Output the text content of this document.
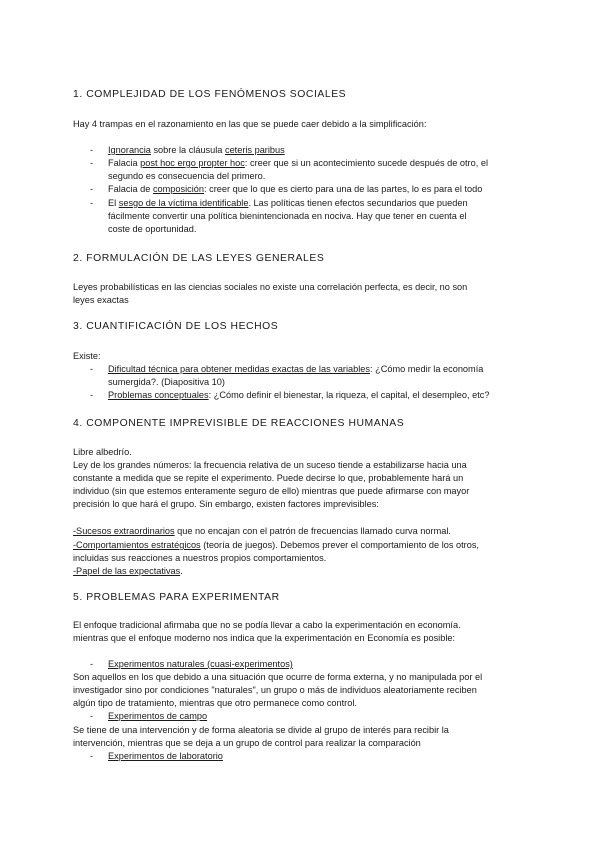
1. COMPLEJIDAD DE LOS FENÓMENOS SOCIALES
Hay 4 trampas en el razonamiento en las que se puede caer debido a la simplificación:
- Ignorancia sobre la cláusula ceteris paribus
- Falacia post hoc ergo propter hoc: creer que si un acontecimiento sucede después de otro, el
segundo es consecuencia del primero.
- Falacia de composición: creer que lo que es cierto para una de las partes, lo es para el todo
- El sesgo de la víctima identificable. Las políticas tienen efectos secundarios que pueden
fácilmente convertir una política bienintencionada en nociva. Hay que tener en cuenta el
coste de oportunidad.
2. FORMULACIÓN DE LAS LEYES GENERALES
Leyes probabilísticas en las ciencias sociales no existe una correlación perfecta, es decir, no son
leyes exactas
3. CUANTIFICACIÓN DE LOS HECHOS
Existe:
- Dificultad técnica para obtener medidas exactas de las variables: ¿Cómo medir la economía
sumergida?. (Diapositiva 10)
- Problemas conceptuales: ¿Cómo definir el bienestar, la riqueza, el capital, el desempleo, etc?
4. COMPONENTE IMPREVISIBLE DE REACCIONES HUMANAS
Libre albedrío.
Ley de los grandes números: la frecuencia relativa de un suceso tiende a estabilizarse hacia una
constante a medida que se repite el experimento. Puede decirse lo que, probablemente hará un
individuo (sin que estemos enteramente seguro de ello) mientras que puede afirmarse con mayor
precisión lo que hará el grupo. Sin embargo, existen factores imprevisibles:
-Sucesos extraordinarios que no encajan con el patrón de frecuencias llamado curva normal.
-Comportamientos estratégicos (teoría de juegos). Debemos prever el comportamiento de los otros,
incluidas sus reacciones a nuestros propios comportamientos.
-Papel de las expectativas.
5. PROBLEMAS PARA EXPERIMENTAR
El enfoque tradicional afirmaba que no se podía llevar a cabo la experimentación en economía.
mientras que el enfoque moderno nos indica que la experimentación en Economía es posible:
- Experimentos naturales (cuasi-experimentos)
Son aquellos en los que debido a una situación que ocurre de forma externa, y no manipulada por el
investigador sino por condiciones "naturales", un grupo o más de individuos aleatoriamente reciben
algún tipo de tratamiento, mientras que otro permanece como control.
- Experimentos de campo
Se tiene de una intervención y de forma aleatoria se divide al grupo de interés para recibir la
intervención, mientras que se deja a un grupo de control para realizar la comparación
- Experimentos de laboratorio
